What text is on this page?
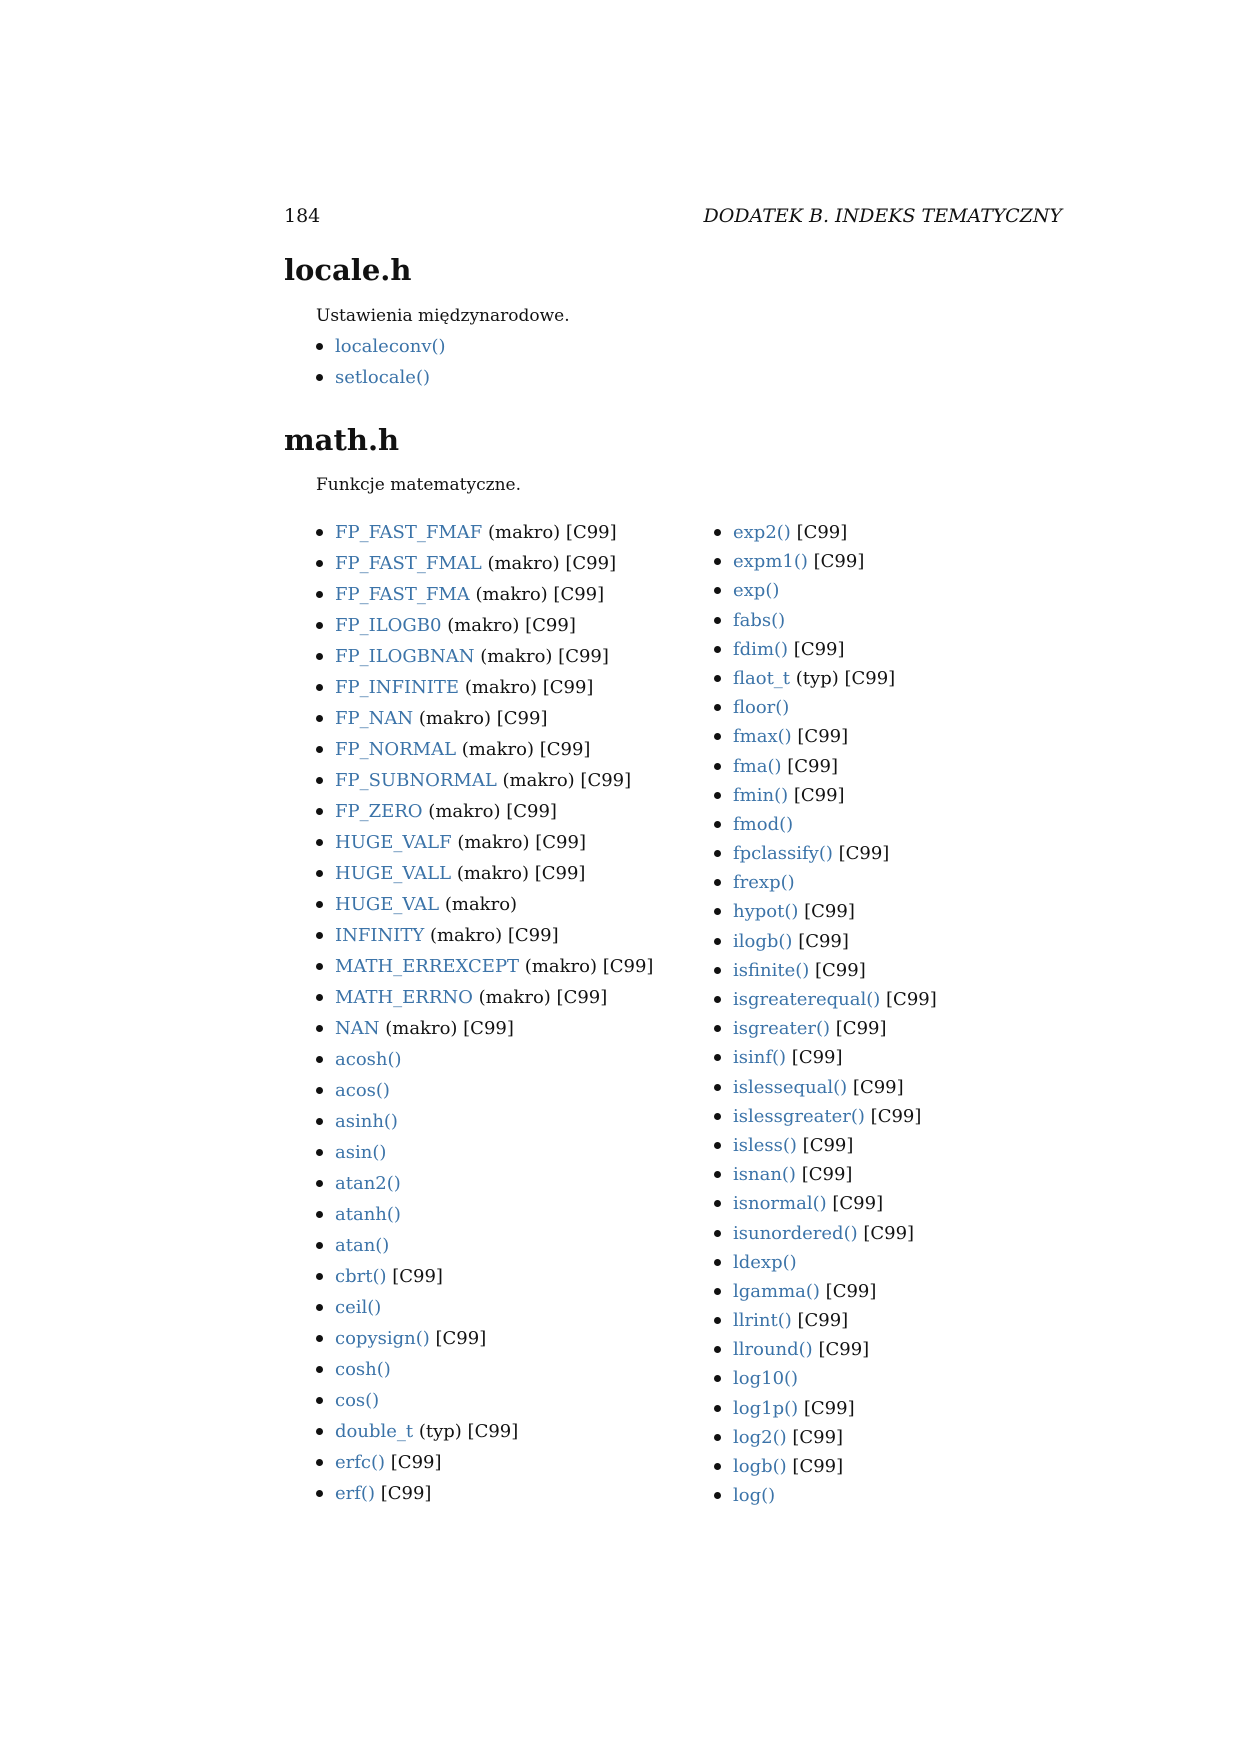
184	DODATEK B. INDEKS TEMATYCZNY
locale.h

Ustawienia międzynarodowe.

localeconv()
setlocale()
math.h

Funkcje matematyczne.

FP_FAST_FMAF (makro) [C99]
FP_FAST_FMAL (makro) [C99]
FP_FAST_FMA (makro) [C99]
FP_ILOGB0 (makro) [C99]
FP_ILOGBNAN (makro) [C99]
FP_INFINITE (makro) [C99]
FP_NAN (makro) [C99]
FP_NORMAL (makro) [C99]
FP_SUBNORMAL (makro) [C99]
FP_ZERO (makro) [C99]
HUGE_VALF (makro) [C99]
HUGE_VALL (makro) [C99]
HUGE_VAL (makro)
INFINITY (makro) [C99]
MATH_ERREXCEPT (makro) [C99]
MATH_ERRNO (makro) [C99]
NAN (makro) [C99]
acosh()
acos()
asinh()
asin()
atan2()
atanh()
atan()
cbrt() [C99]
ceil()
copysign() [C99]
cosh()
cos()
double_t (typ) [C99]
erfc() [C99]
erf() [C99]
exp2() [C99]
expm1() [C99]
exp()
fabs()
fdim() [C99]
flaot_t (typ) [C99]
floor()
fmax() [C99]
fma() [C99]
fmin() [C99]
fmod()
fpclassify() [C99]
frexp()
hypot() [C99]
ilogb() [C99]
isfinite() [C99]
isgreaterequal() [C99]
isgreater() [C99]
isinf() [C99]
islessequal() [C99]
islessgreater() [C99]
isless() [C99]
isnan() [C99]
isnormal() [C99]
isunordered() [C99]
ldexp()
lgamma() [C99]
llrint() [C99]
llround() [C99]
log10()
log1p() [C99]
log2() [C99]
logb() [C99]
log()
